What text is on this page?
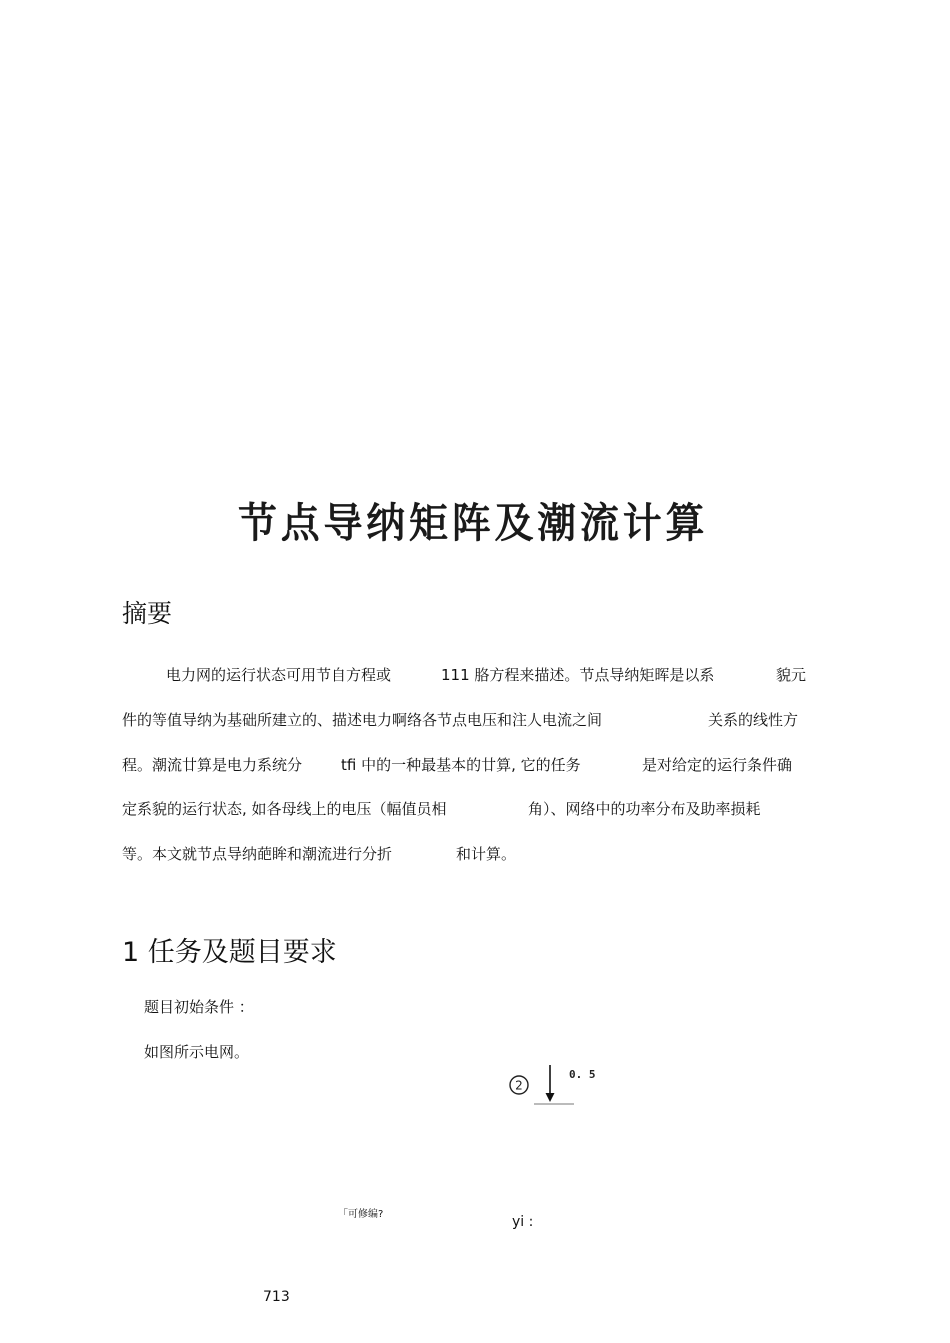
节点导纳矩阵及潮流计算
摘要
电力网的运行状态可用节自方程或	111 胳方程来描述。节点导纳矩晖是以系	貌元
件的等值导纳为基础所建立的、描述电力啊络各节点电压和注人电流之间	关系的线性方
程。潮流廿算是电力系统分	tfi 中的一种最基本的廿算, 它的任务	是对给定的运行条件确
定系貌的运行状态, 如各母线上的电压（幅值员相	角）、网络中的功率分布及助率损耗
等。本文就节点导纳葩眸和潮流进行分折	和计算。
1 任务及题目要求
题目初始条件 ：
如图所示电网。
2
0. 5
「可修编?	yi :
713
